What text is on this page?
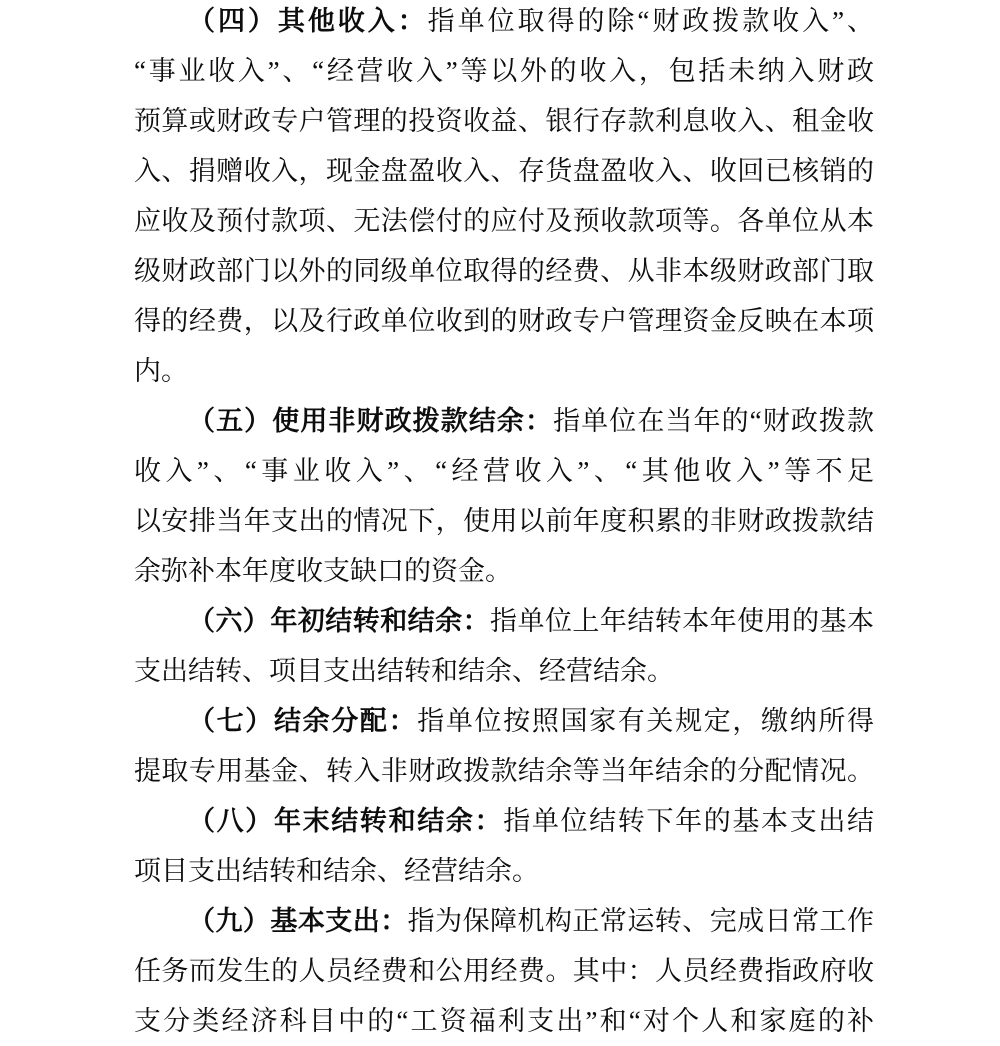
（四）其他收入：指单位取得的除“财政拨款收入”、
“事业收入”、“经营收入”等以外的收入，包括未纳入财政
预算或财政专户管理的投资收益、银行存款利息收入、租金收
入、捐赠收入，现金盘盈收入、存货盘盈收入、收回已核销的
应收及预付款项、无法偿付的应付及预收款项等。各单位从本
级财政部门以外的同级单位取得的经费、从非本级财政部门取
得的经费，以及行政单位收到的财政专户管理资金反映在本项
内。
（五）使用非财政拨款结余：指单位在当年的“财政拨款
收入”、“事业收入”、“经营收入”、“其他收入”等不足
以安排当年支出的情况下，使用以前年度积累的非财政拨款结
余弥补本年度收支缺口的资金。
（六）年初结转和结余：指单位上年结转本年使用的基本
支出结转、项目支出结转和结余、经营结余。
（七）结余分配：指单位按照国家有关规定，缴纳所得
提取专用基金、转入非财政拨款结余等当年结余的分配情况。
（八）年末结转和结余：指单位结转下年的基本支出结
项目支出结转和结余、经营结余。
（九）基本支出：指为保障机构正常运转、完成日常工作
任务而发生的人员经费和公用经费。其中：人员经费指政府收
支分类经济科目中的“工资福利支出”和“对个人和家庭的补
